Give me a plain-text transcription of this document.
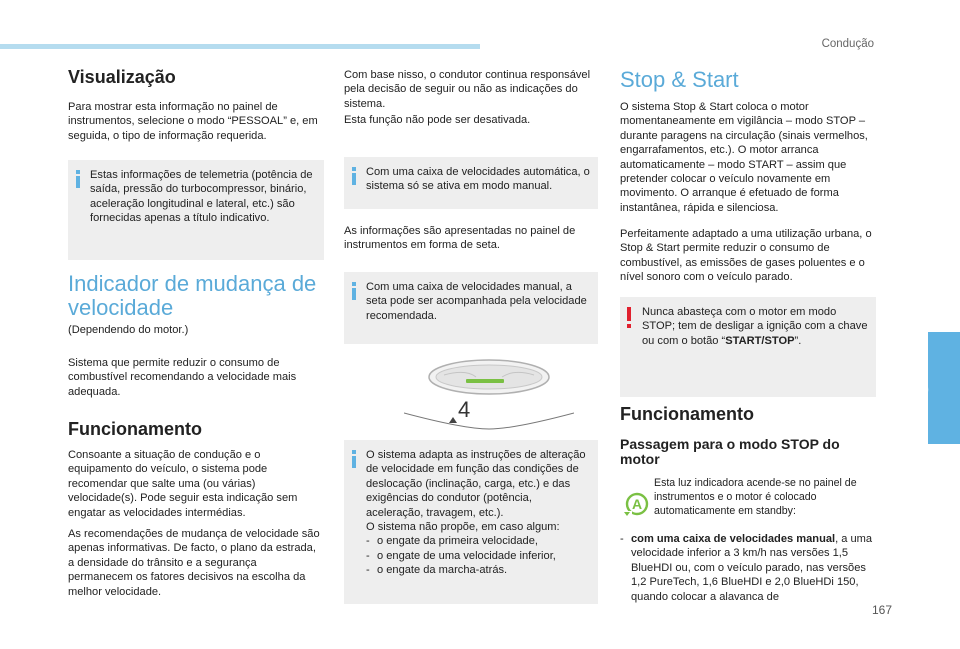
Condução
6
167
Visualização
Para mostrar esta informação no painel de instrumentos, selecione o modo “PESSOAL” e, em seguida, o tipo de informação requerida.
Estas informações de telemetria (potência de saída, pressão do turbocompressor, binário, aceleração longitudinal e lateral, etc.) são fornecidas apenas a título indicativo.
Indicador de mudança de velocidade
(Dependendo do motor.)
Sistema que permite reduzir o consumo de combustível recomendando a velocidade mais adequada.
Funcionamento
Consoante a situação de condução e o equipamento do veículo, o sistema pode recomendar que salte uma (ou várias) velocidade(s). Pode seguir esta indicação sem engatar as velocidades intermédias.
As recomendações de mudança de velocidade são apenas informativas. De facto, o plano da estrada, a densidade do trânsito e a segurança permanecem os fatores decisivos na escolha da melhor velocidade.
Com base nisso, o condutor continua responsável pela decisão de seguir ou não as indicações do sistema.
Esta função não pode ser desativada.
Com uma caixa de velocidades automática, o sistema só se ativa em modo manual.
As informações são apresentadas no painel de instrumentos em forma de seta.
Com uma caixa de velocidades manual, a seta pode ser acompanhada pela velocidade recomendada.
4
O sistema adapta as instruções de alteração de velocidade em função das condições de deslocação (inclinação, carga, etc.) e das exigências do condutor (potência, aceleração, travagem, etc.).
O sistema não propõe, em caso algum:
- o engate da primeira velocidade,
- o engate de uma velocidade inferior,
- o engate da marcha-atrás.
Stop & Start
O sistema Stop & Start coloca o motor momentaneamente em vigilância – modo STOP – durante paragens na circulação (sinais vermelhos, engarrafamentos, etc.). O motor arranca automaticamente – modo START – assim que pretender colocar o veículo novamente em movimento. O arranque é efetuado de forma instantânea, rápida e silenciosa.
Perfeitamente adaptado a uma utilização urbana, o Stop & Start permite reduzir o consumo de combustível, as emissões de gases poluentes e o nível sonoro com o veículo parado.
Nunca abasteça com o motor em modo STOP; tem de desligar a ignição com a chave ou com o botão “START/STOP”.
Funcionamento
Passagem para o modo STOP do motor
A
Esta luz indicadora acende-se no painel de instrumentos e o motor é colocado automaticamente em standby:
- com uma caixa de velocidades manual, a uma velocidade inferior a 3 km/h nas versões 1,5 BlueHDI ou, com o veículo parado, nas versões 1,2 PureTech, 1,6 BlueHDI e 2,0 BlueHDi 150, quando colocar a alavanca de
